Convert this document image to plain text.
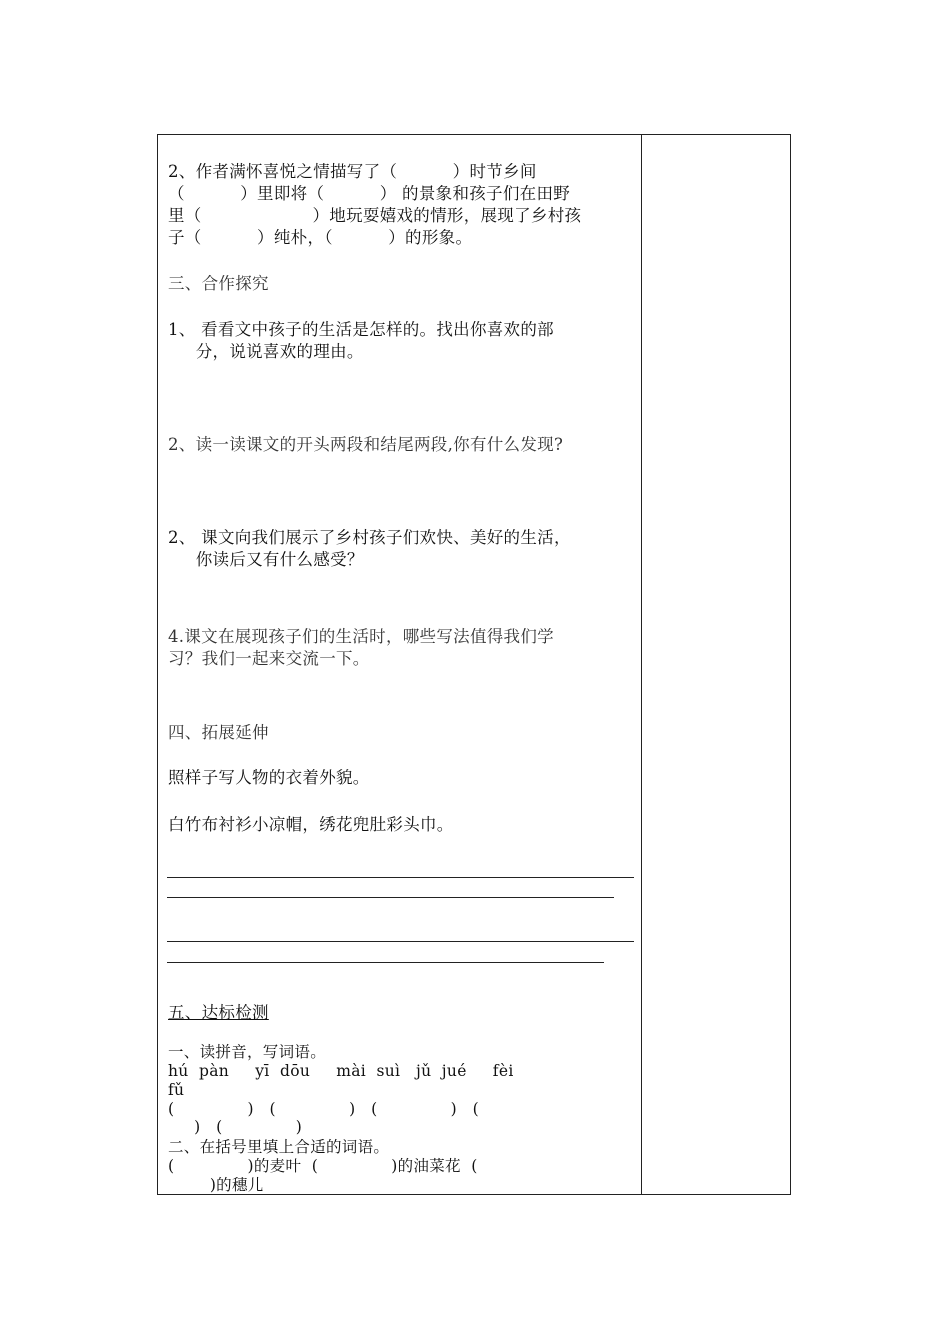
2、作者满怀喜悦之情描写了（          ）时节乡间
（          ）里即将（          ） 的景象和孩子们在田野
里（                    ）地玩耍嬉戏的情形，展现了乡村孩
子（          ）纯朴，（          ）的形象。
三、合作探究
1、 看看文中孩子的生活是怎样的。找出你喜欢的部
分，说说喜欢的理由。
2、读一读课文的开头两段和结尾两段,你有什么发现?
2、 课文向我们展示了乡村孩子们欢快、美好的生活，
你读后又有什么感受？
4.课文在展现孩子们的生活时，哪些写法值得我们学
习？我们一起来交流一下。
四、拓展延伸
照样子写人物的衣着外貌。
白竹布衬衫小凉帽，绣花兜肚彩头巾。
五、达标检测
一、读拼音，写词语。
hú  pàn     yī  dōu     mài  suì   jǔ  jué     fèi
fǔ
(              )   (              )   (              )   (
)   (              )
二、在括号里填上合适的词语。
(              )的麦叶  (              )的油菜花  (
)的穗儿
